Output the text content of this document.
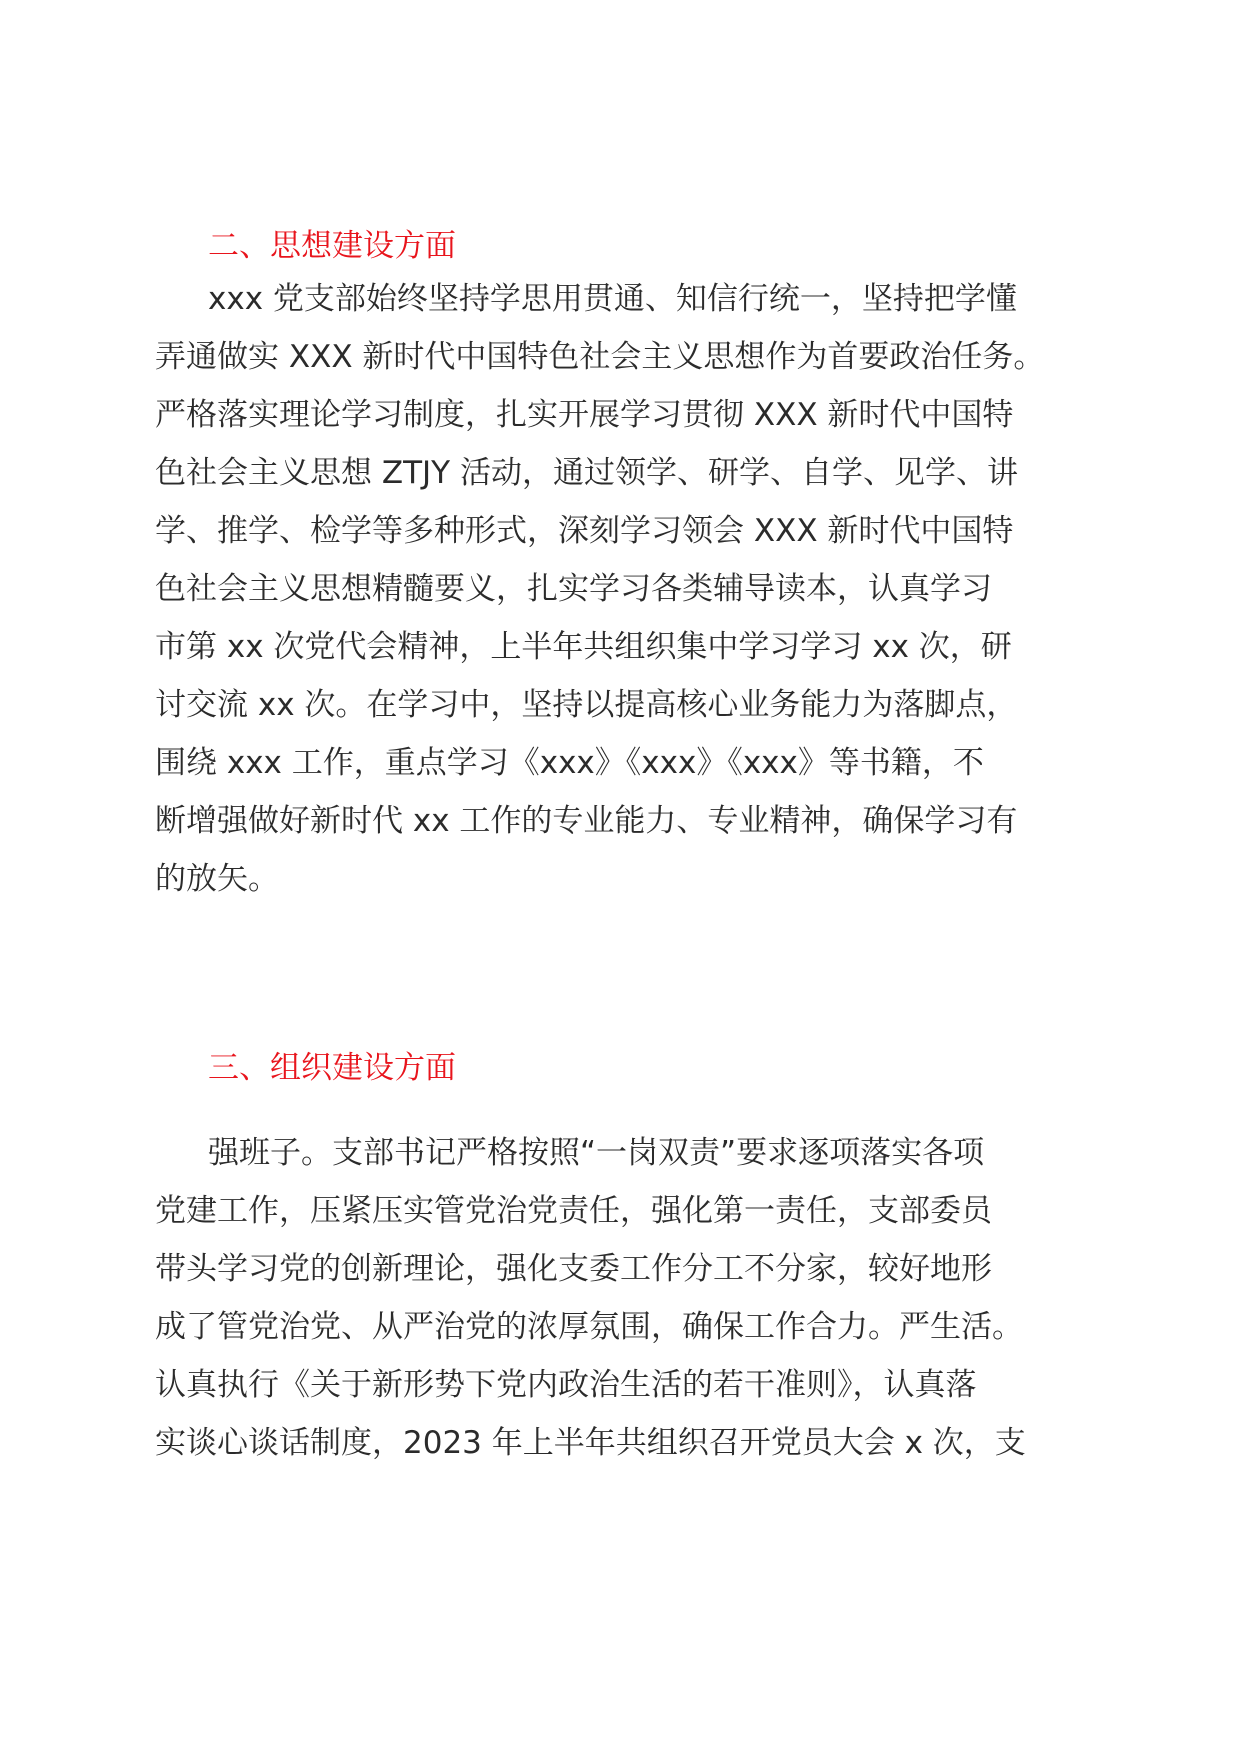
二、思想建设方面
xxx 党支部始终坚持学思用贯通、知信行统一，坚持把学懂
弄通做实 XXX 新时代中国特色社会主义思想作为首要政治任务。
严格落实理论学习制度，扎实开展学习贯彻 XXX 新时代中国特
色社会主义思想 ZTJY 活动，通过领学、研学、自学、见学、讲
学、推学、检学等多种形式，深刻学习领会 XXX 新时代中国特
色社会主义思想精髓要义，扎实学习各类辅导读本，认真学习
市第 xx 次党代会精神，上半年共组织集中学习学习 xx 次，研
讨交流 xx 次。在学习中，坚持以提高核心业务能力为落脚点，
围绕 xxx 工作，重点学习《xxx》《xxx》《xxx》等书籍，不
断增强做好新时代 xx 工作的专业能力、专业精神，确保学习有
的放矢。
三、组织建设方面
强班子。支部书记严格按照“一岗双责”要求逐项落实各项
党建工作，压紧压实管党治党责任，强化第一责任，支部委员
带头学习党的创新理论，强化支委工作分工不分家，较好地形
成了管党治党、从严治党的浓厚氛围，确保工作合力。严生活。
认真执行《关于新形势下党内政治生活的若干准则》，认真落
实谈心谈话制度，2023 年上半年共组织召开党员大会 x 次，支
